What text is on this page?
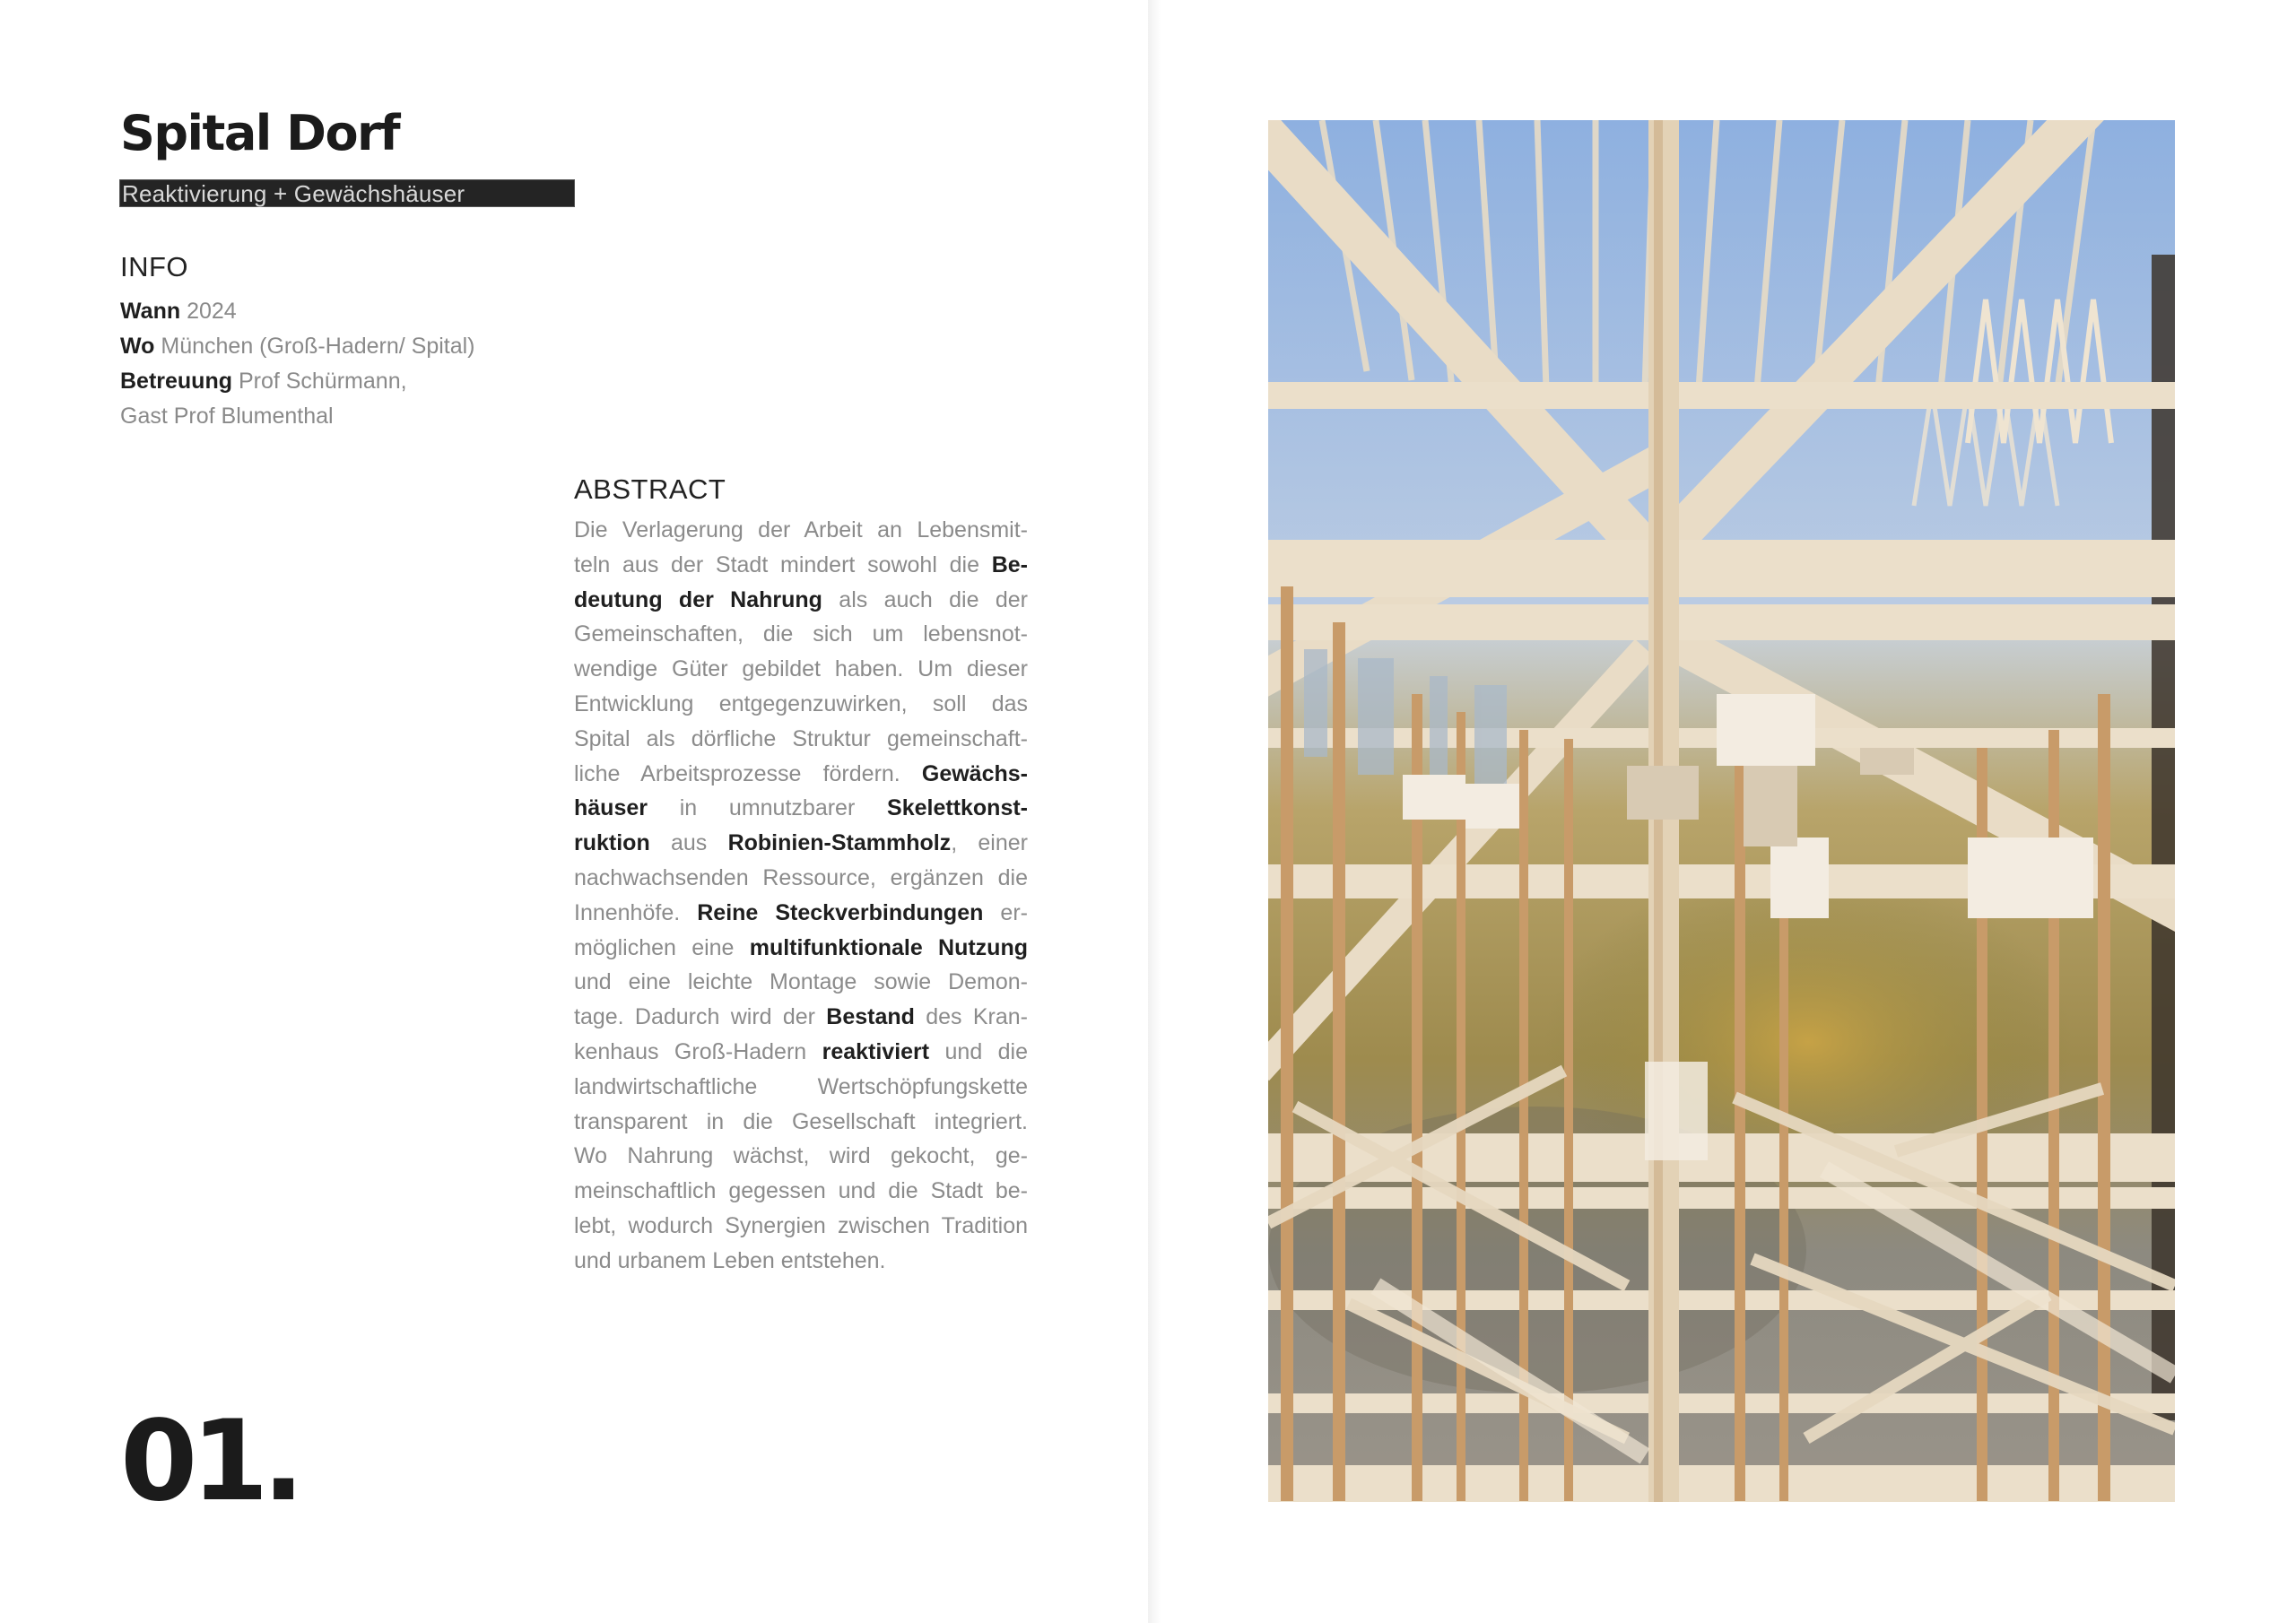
Spital Dorf
Reaktivierung + Gewächshäuser
INFO
Wann 2024
Wo München (Groß-Hadern/ Spital)
Betreuung Prof Schürmann,
Gast Prof Blumenthal
ABSTRACT
Die Verlagerung der Arbeit an Lebensmit-
teln aus der Stadt mindert sowohl die Be-
deutung der Nahrung als auch die der
Gemeinschaften, die sich um lebensnot-
wendige Güter gebildet haben. Um dieser
Entwicklung entgegenzuwirken, soll das
Spital als dörfliche Struktur gemeinschaft-
liche Arbeitsprozesse fördern. Gewächs-
häuser in umnutzbarer Skelettkonst-
ruktion aus Robinien-Stammholz, einer
nachwachsenden Ressource, ergänzen die
Innenhöfe. Reine Steckverbindungen er-
möglichen eine multifunktionale Nutzung
und eine leichte Montage sowie Demon-
tage. Dadurch wird der Bestand des Kran-
kenhaus Groß-Hadern reaktiviert und die
landwirtschaftliche Wertschöpfungskette
transparent in die Gesellschaft integriert.
Wo Nahrung wächst, wird gekocht, ge-
meinschaftlich gegessen und die Stadt be-
lebt, wodurch Synergien zwischen Tradition
und urbanem Leben entstehen.
01.
